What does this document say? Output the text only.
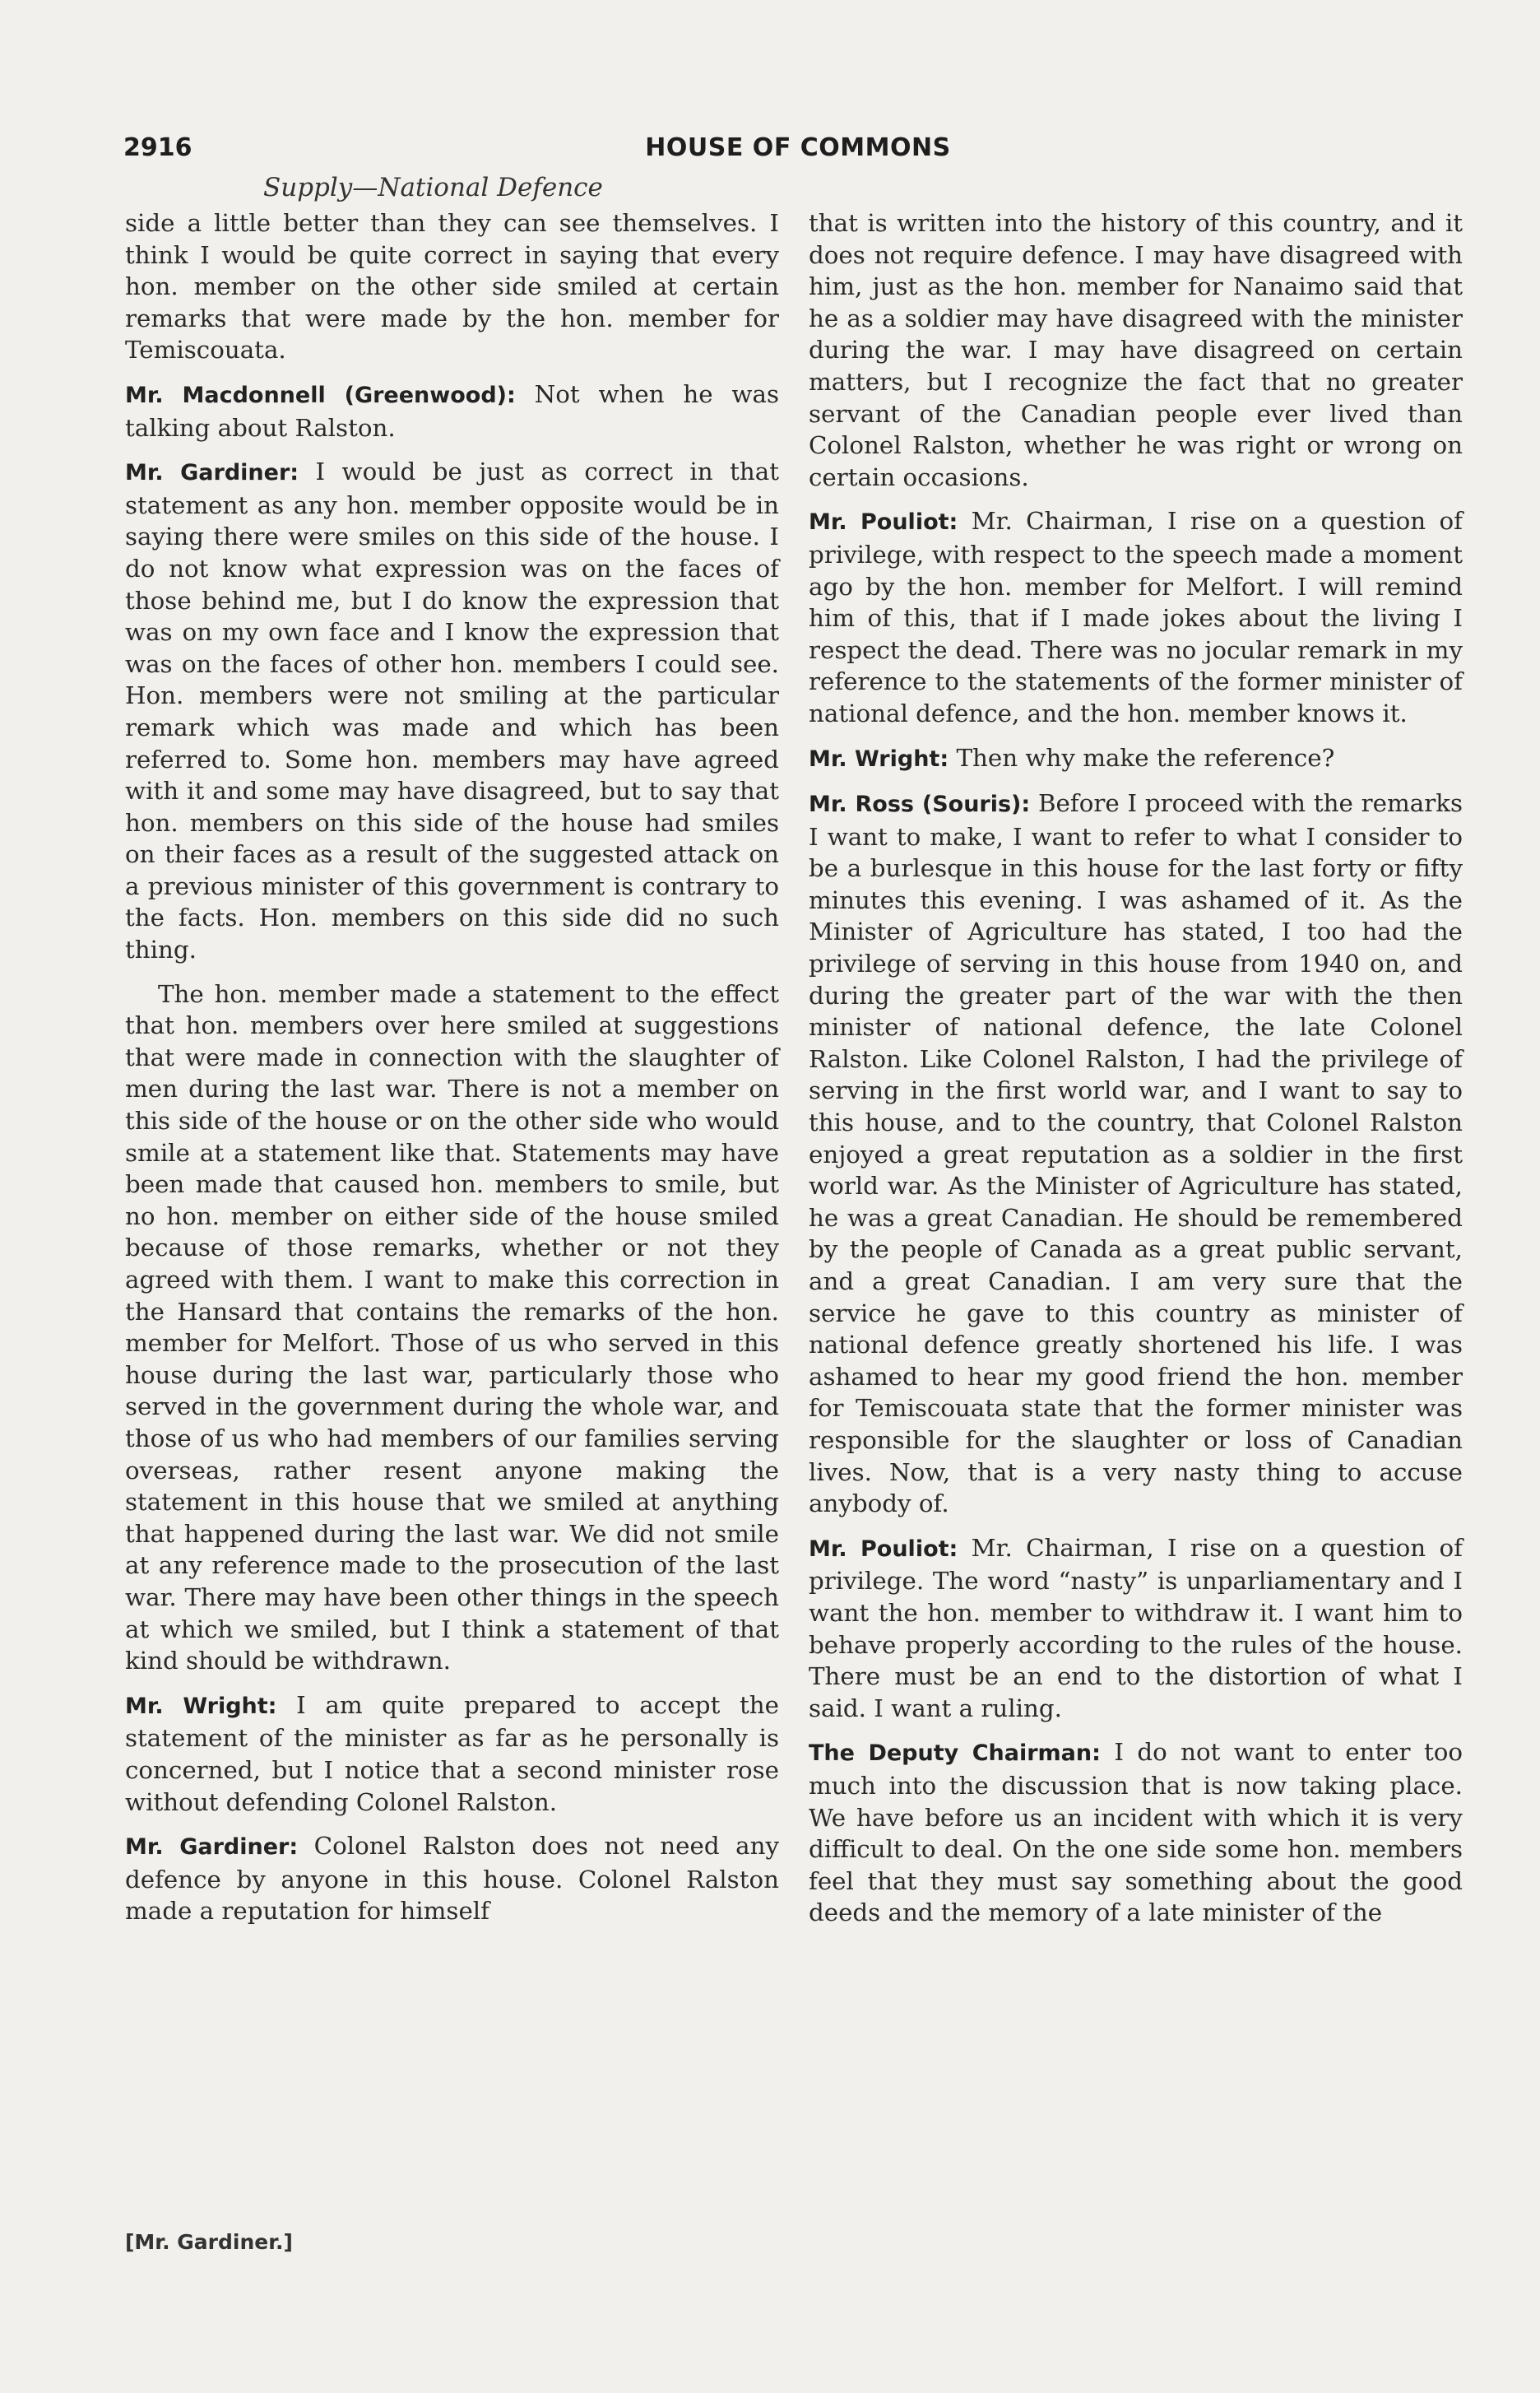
2916	HOUSE OF COMMONS
Supply—National Defence

side a little better than they can see themselves. I think I would be quite correct in saying that every hon. member on the other side smiled at certain remarks that were made by the hon. member for Temiscouata.

Mr. Macdonnell (Greenwood): Not when he was talking about Ralston.

Mr. Gardiner: I would be just as correct in that statement as any hon. member opposite would be in saying there were smiles on this side of the house. I do not know what expression was on the faces of those behind me, but I do know the expression that was on my own face and I know the expression that was on the faces of other hon. members I could see. Hon. members were not smiling at the particular remark which was made and which has been referred to. Some hon. members may have agreed with it and some may have disagreed, but to say that hon. members on this side of the house had smiles on their faces as a result of the suggested attack on a previous minister of this government is contrary to the facts. Hon. members on this side did no such thing.

The hon. member made a statement to the effect that hon. members over here smiled at suggestions that were made in connection with the slaughter of men during the last war. There is not a member on this side of the house or on the other side who would smile at a statement like that. Statements may have been made that caused hon. members to smile, but no hon. member on either side of the house smiled because of those remarks, whether or not they agreed with them. I want to make this correction in the Hansard that contains the remarks of the hon. member for Melfort. Those of us who served in this house during the last war, particularly those who served in the government during the whole war, and those of us who had members of our families serving overseas, rather resent anyone making the statement in this house that we smiled at anything that happened during the last war. We did not smile at any reference made to the prosecution of the last war. There may have been other things in the speech at which we smiled, but I think a statement of that kind should be withdrawn.

Mr. Wright: I am quite prepared to accept the statement of the minister as far as he personally is concerned, but I notice that a second minister rose without defending Colonel Ralston.

Mr. Gardiner: Colonel Ralston does not need any defence by anyone in this house. Colonel Ralston made a reputation for himself

that is written into the history of this country, and it does not require defence. I may have disagreed with him, just as the hon. member for Nanaimo said that he as a soldier may have disagreed with the minister during the war. I may have disagreed on certain matters, but I recognize the fact that no greater servant of the Canadian people ever lived than Colonel Ralston, whether he was right or wrong on certain occasions.

Mr. Pouliot: Mr. Chairman, I rise on a question of privilege, with respect to the speech made a moment ago by the hon. member for Melfort. I will remind him of this, that if I made jokes about the living I respect the dead. There was no jocular remark in my reference to the statements of the former minister of national defence, and the hon. member knows it.

Mr. Wright: Then why make the reference?

Mr. Ross (Souris): Before I proceed with the remarks I want to make, I want to refer to what I consider to be a burlesque in this house for the last forty or fifty minutes this evening. I was ashamed of it. As the Minister of Agriculture has stated, I too had the privilege of serving in this house from 1940 on, and during the greater part of the war with the then minister of national defence, the late Colonel Ralston. Like Colonel Ralston, I had the privilege of serving in the first world war, and I want to say to this house, and to the country, that Colonel Ralston enjoyed a great reputation as a soldier in the first world war. As the Minister of Agriculture has stated, he was a great Canadian. He should be remembered by the people of Canada as a great public servant, and a great Canadian. I am very sure that the service he gave to this country as minister of national defence greatly shortened his life. I was ashamed to hear my good friend the hon. member for Temiscouata state that the former minister was responsible for the slaughter or loss of Canadian lives. Now, that is a very nasty thing to accuse anybody of.

Mr. Pouliot: Mr. Chairman, I rise on a question of privilege. The word “nasty” is unparliamentary and I want the hon. member to withdraw it. I want him to behave properly according to the rules of the house. There must be an end to the distortion of what I said. I want a ruling.

The Deputy Chairman: I do not want to enter too much into the discussion that is now taking place. We have before us an incident with which it is very difficult to deal. On the one side some hon. members feel that they must say something about the good deeds and the memory of a late minister of the

[Mr. Gardiner.]
